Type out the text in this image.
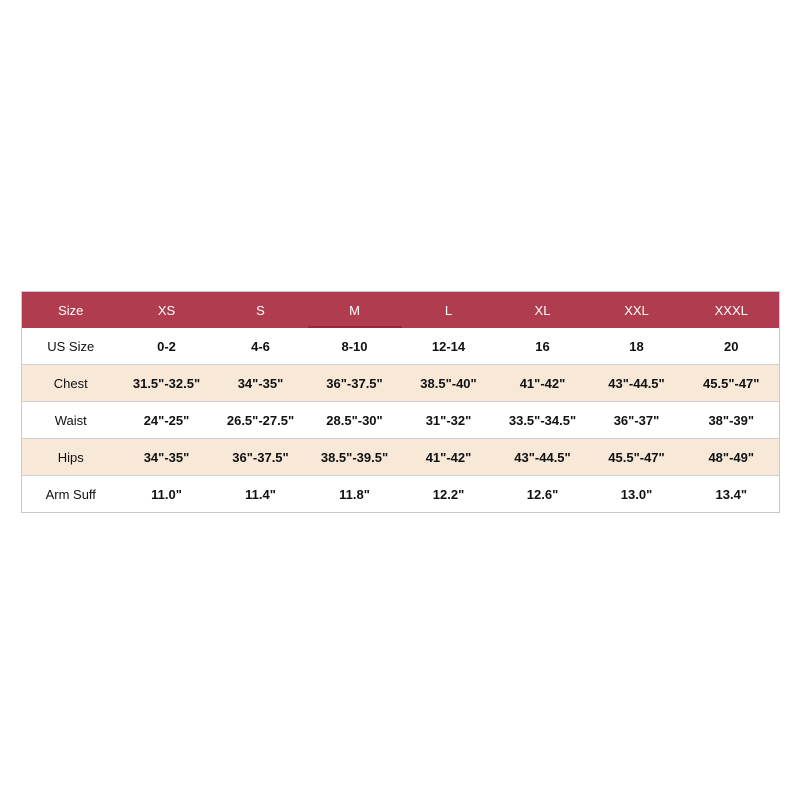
Size	XS	S	M	L	XL	XXL	XXXL
US Size	0-2	4-6	8-10	12-14	16	18	20
Chest	31.5"-32.5"	34"-35"	36"-37.5"	38.5"-40"	41"-42"	43"-44.5"	45.5"-47"
Waist	24"-25"	26.5"-27.5"	28.5"-30"	31"-32"	33.5"-34.5"	36"-37"	38"-39"
Hips	34"-35"	36"-37.5"	38.5"-39.5"	41"-42"	43"-44.5"	45.5"-47"	48"-49"
Arm Suff	11.0"	11.4"	11.8"	12.2"	12.6"	13.0"	13.4"
